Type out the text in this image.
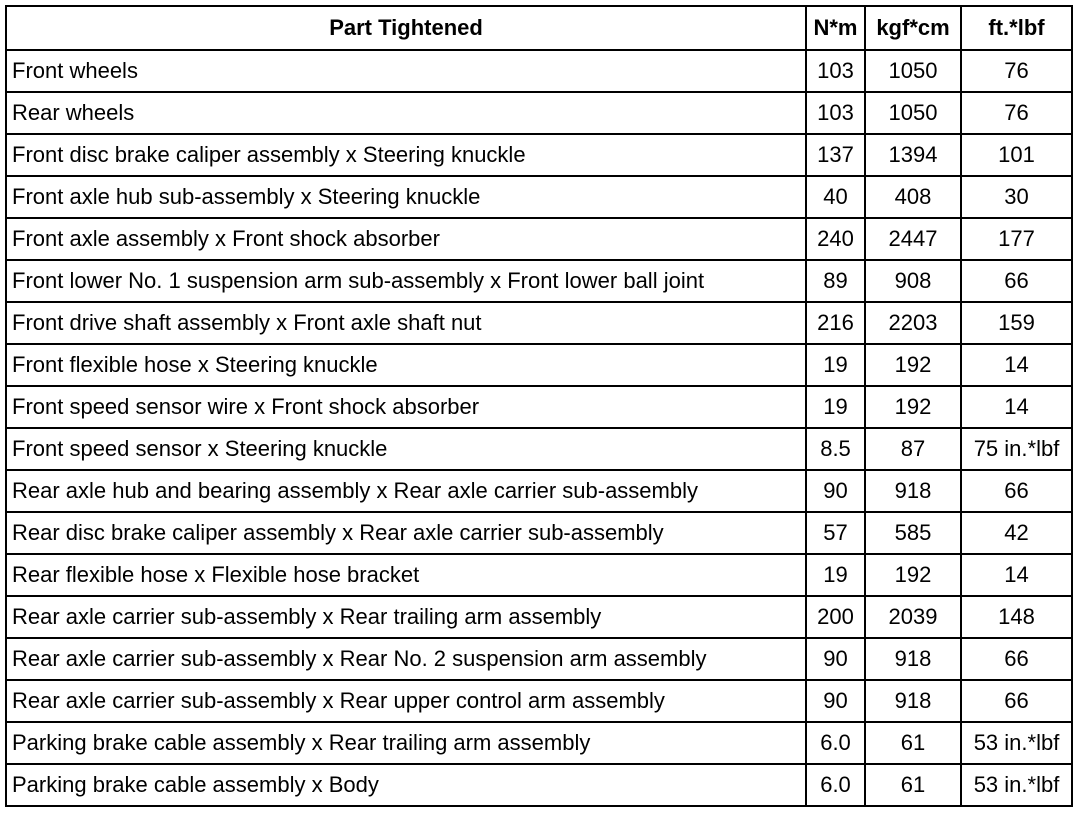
Part Tightened	N*m	kgf*cm	ft.*lbf
Front wheels	103	1050	76
Rear wheels	103	1050	76
Front disc brake caliper assembly x Steering knuckle	137	1394	101
Front axle hub sub-assembly x Steering knuckle	40	408	30
Front axle assembly x Front shock absorber	240	2447	177
Front lower No. 1 suspension arm sub-assembly x Front lower ball joint	89	908	66
Front drive shaft assembly x Front axle shaft nut	216	2203	159
Front flexible hose x Steering knuckle	19	192	14
Front speed sensor wire x Front shock absorber	19	192	14
Front speed sensor x Steering knuckle	8.5	87	75 in.*lbf
Rear axle hub and bearing assembly x Rear axle carrier sub-assembly	90	918	66
Rear disc brake caliper assembly x Rear axle carrier sub-assembly	57	585	42
Rear flexible hose x Flexible hose bracket	19	192	14
Rear axle carrier sub-assembly x Rear trailing arm assembly	200	2039	148
Rear axle carrier sub-assembly x Rear No. 2 suspension arm assembly	90	918	66
Rear axle carrier sub-assembly x Rear upper control arm assembly	90	918	66
Parking brake cable assembly x Rear trailing arm assembly	6.0	61	53 in.*lbf
Parking brake cable assembly x Body	6.0	61	53 in.*lbf
